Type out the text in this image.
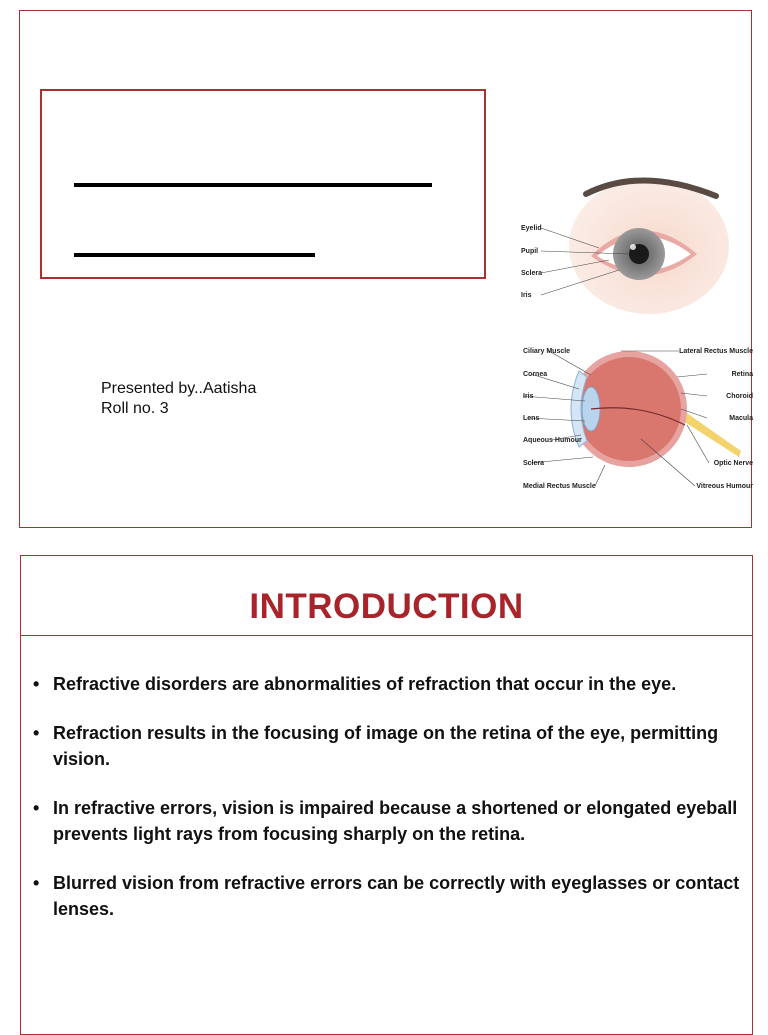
Presented by..Aatisha
Roll no. 3
Eyelid
Pupil
Sclera
Iris
Ciliary Muscle
Cornea
Iris
Lens
Aqueous Humour
Sclera
Medial Rectus Muscle
Lateral Rectus Muscle
Retina
Choroid
Macula
Optic Nerve
Vitreous Humour
INTRODUCTION
• Refractive disorders are abnormalities of refraction that occur in the eye.
• Refraction results in the focusing of image on the retina of the eye, permitting vision.
• In refractive errors, vision is impaired because a shortened or elongated eyeball prevents light rays from focusing sharply on the retina.
• Blurred vision from refractive errors can be correctly with eyeglasses or contact lenses.
